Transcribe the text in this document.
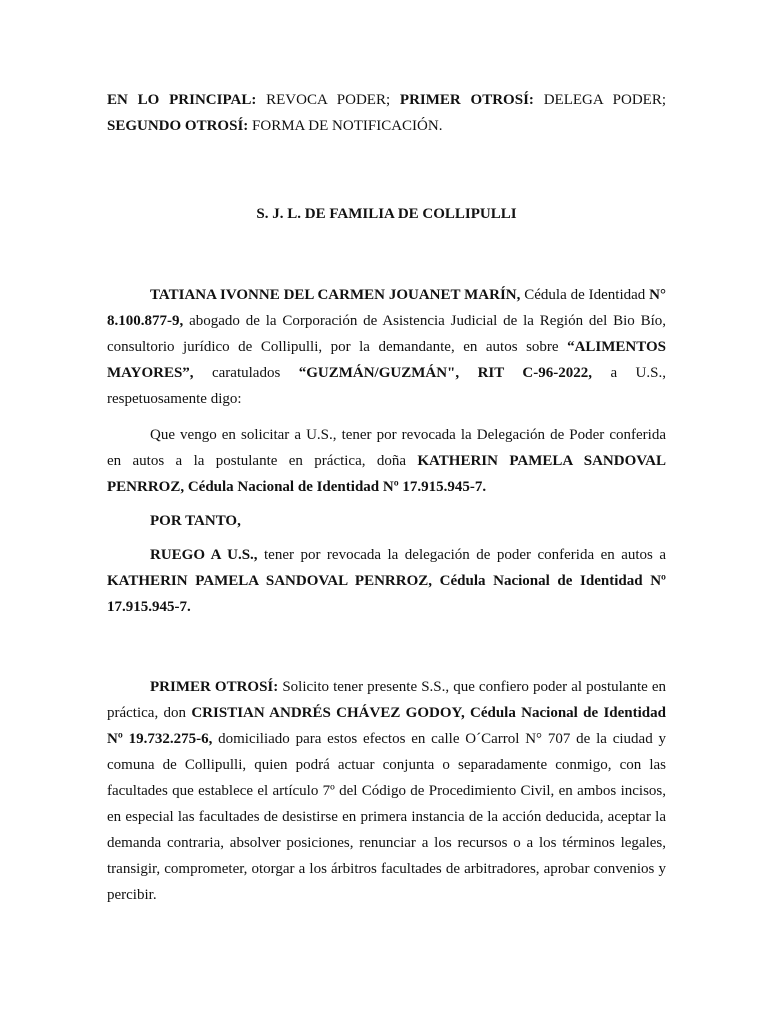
EN LO PRINCIPAL: REVOCA PODER; PRIMER OTROSÍ: DELEGA PODER; SEGUNDO OTROSÍ: FORMA DE NOTIFICACIÓN.

S. J. L. DE FAMILIA DE COLLIPULLI

TATIANA IVONNE DEL CARMEN JOUANET MARÍN, Cédula de Identidad N° 8.100.877-9, abogado de la Corporación de Asistencia Judicial de la Región del Bio Bío, consultorio jurídico de Collipulli, por la demandante, en autos sobre “ALIMENTOS MAYORES”, caratulados “GUZMÁN/GUZMÁN", RIT C-96-2022, a U.S., respetuosamente digo:

Que vengo en solicitar a U.S., tener por revocada la Delegación de Poder conferida en autos a la postulante en práctica, doña KATHERIN PAMELA SANDOVAL PENRROZ, Cédula Nacional de Identidad Nº 17.915.945-7.

POR TANTO,

RUEGO A U.S., tener por revocada la delegación de poder conferida en autos a KATHERIN PAMELA SANDOVAL PENRROZ, Cédula Nacional de Identidad Nº 17.915.945-7.

PRIMER OTROSÍ: Solicito tener presente S.S., que confiero poder al postulante en práctica, don CRISTIAN ANDRÉS CHÁVEZ GODOY, Cédula Nacional de Identidad Nº 19.732.275-6, domiciliado para estos efectos en calle O´Carrol N° 707 de la ciudad y comuna de Collipulli, quien podrá actuar conjunta o separadamente conmigo, con las facultades que establece el artículo 7º del Código de Procedimiento Civil, en ambos incisos, en especial las facultades de desistirse en primera instancia de la acción deducida, aceptar la demanda contraria, absolver posiciones, renunciar a los recursos o a los términos legales, transigir, comprometer, otorgar a los árbitros facultades de arbitradores, aprobar convenios y percibir.
